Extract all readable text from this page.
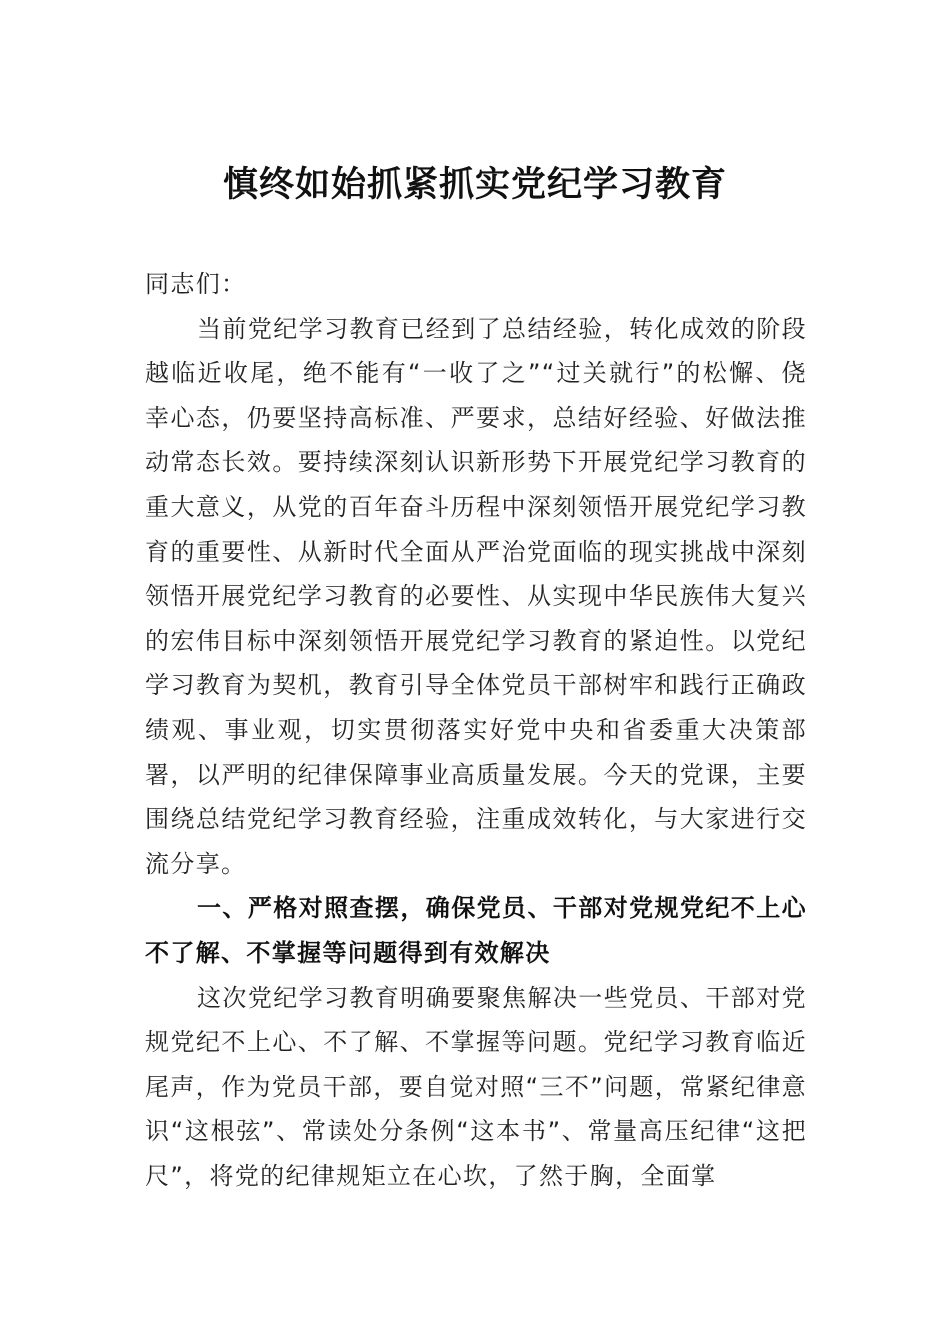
慎终如始抓紧抓实党纪学习教育

同志们：

当前党纪学习教育已经到了总结经验，转化成效的阶段越临近收尾，绝不能有“一收了之”“过关就行”的松懈、侥幸心态，仍要坚持高标准、严要求，总结好经验、好做法推动常态长效。要持续深刻认识新形势下开展党纪学习教育的重大意义，从党的百年奋斗历程中深刻领悟开展党纪学习教育的重要性、从新时代全面从严治党面临的现实挑战中深刻领悟开展党纪学习教育的必要性、从实现中华民族伟大复兴的宏伟目标中深刻领悟开展党纪学习教育的紧迫性。以党纪学习教育为契机，教育引导全体党员干部树牢和践行正确政绩观、事业观，切实贯彻落实好党中央和省委重大决策部署，以严明的纪律保障事业高质量发展。今天的党课，主要围绕总结党纪学习教育经验，注重成效转化，与大家进行交流分享。

一、严格对照查摆，确保党员、干部对党规党纪不上心不了解、不掌握等问题得到有效解决

这次党纪学习教育明确要聚焦解决一些党员、干部对党规党纪不上心、不了解、不掌握等问题。党纪学习教育临近尾声，作为党员干部，要自觉对照“三不”问题，常紧纪律意识“这根弦”、常读处分条例“这本书”、常量高压纪律“这把尺”，将党的纪律规矩立在心坎，了然于胸，全面掌
